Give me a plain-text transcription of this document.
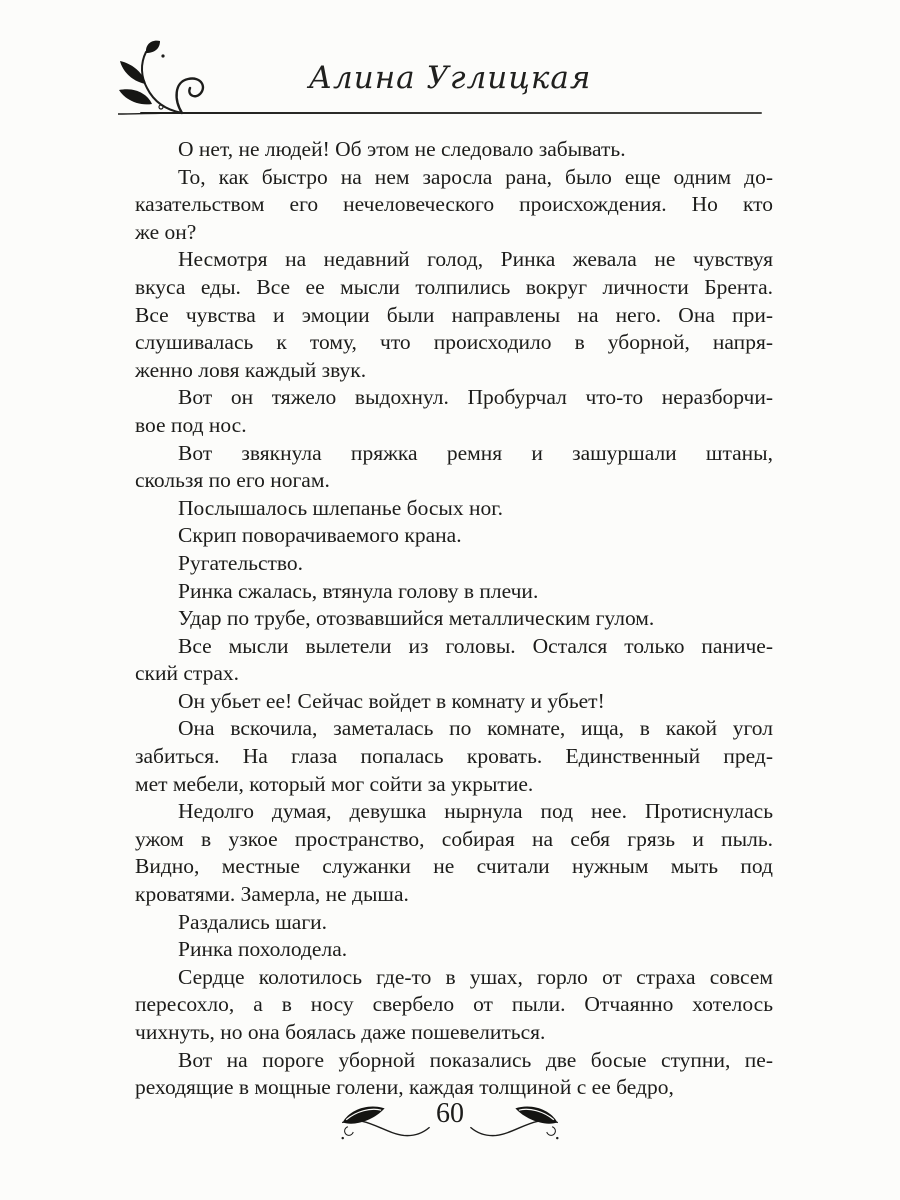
Алина Углицкая

О нет, не людей! Об этом не следовало забывать.

То, как быстро на нем заросла рана, было еще одним до-
казательством его нечеловеческого происхождения. Но кто
же он?

Несмотря на недавний голод, Ринка жевала не чувствуя
вкуса еды. Все ее мысли толпились вокруг личности Брента.
Все чувства и эмоции были направлены на него. Она при-
слушивалась к тому, что происходило в уборной, напря-
женно ловя каждый звук.

Вот он тяжело выдохнул. Пробурчал что-то неразборчи-
вое под нос.

Вот звякнула пряжка ремня и зашуршали штаны,
скользя по его ногам.

Послышалось шлепанье босых ног.

Скрип поворачиваемого крана.

Ругательство.

Ринка сжалась, втянула голову в плечи.

Удар по трубе, отозвавшийся металлическим гулом.

Все мысли вылетели из головы. Остался только паниче-
ский страх.

Он убьет ее! Сейчас войдет в комнату и убьет!

Она вскочила, заметалась по комнате, ища, в какой угол
забиться. На глаза попалась кровать. Единственный пред-
мет мебели, который мог сойти за укрытие.

Недолго думая, девушка нырнула под нее. Протиснулась
ужом в узкое пространство, собирая на себя грязь и пыль.
Видно, местные служанки не считали нужным мыть под
кроватями. Замерла, не дыша.

Раздались шаги.

Ринка похолодела.

Сердце колотилось где-то в ушах, горло от страха совсем
пересохло, а в носу свербело от пыли. Отчаянно хотелось
чихнуть, но она боялась даже пошевелиться.

Вот на пороге уборной показались две босые ступни, пе-
реходящие в мощные голени, каждая толщиной с ее бедро,

60
